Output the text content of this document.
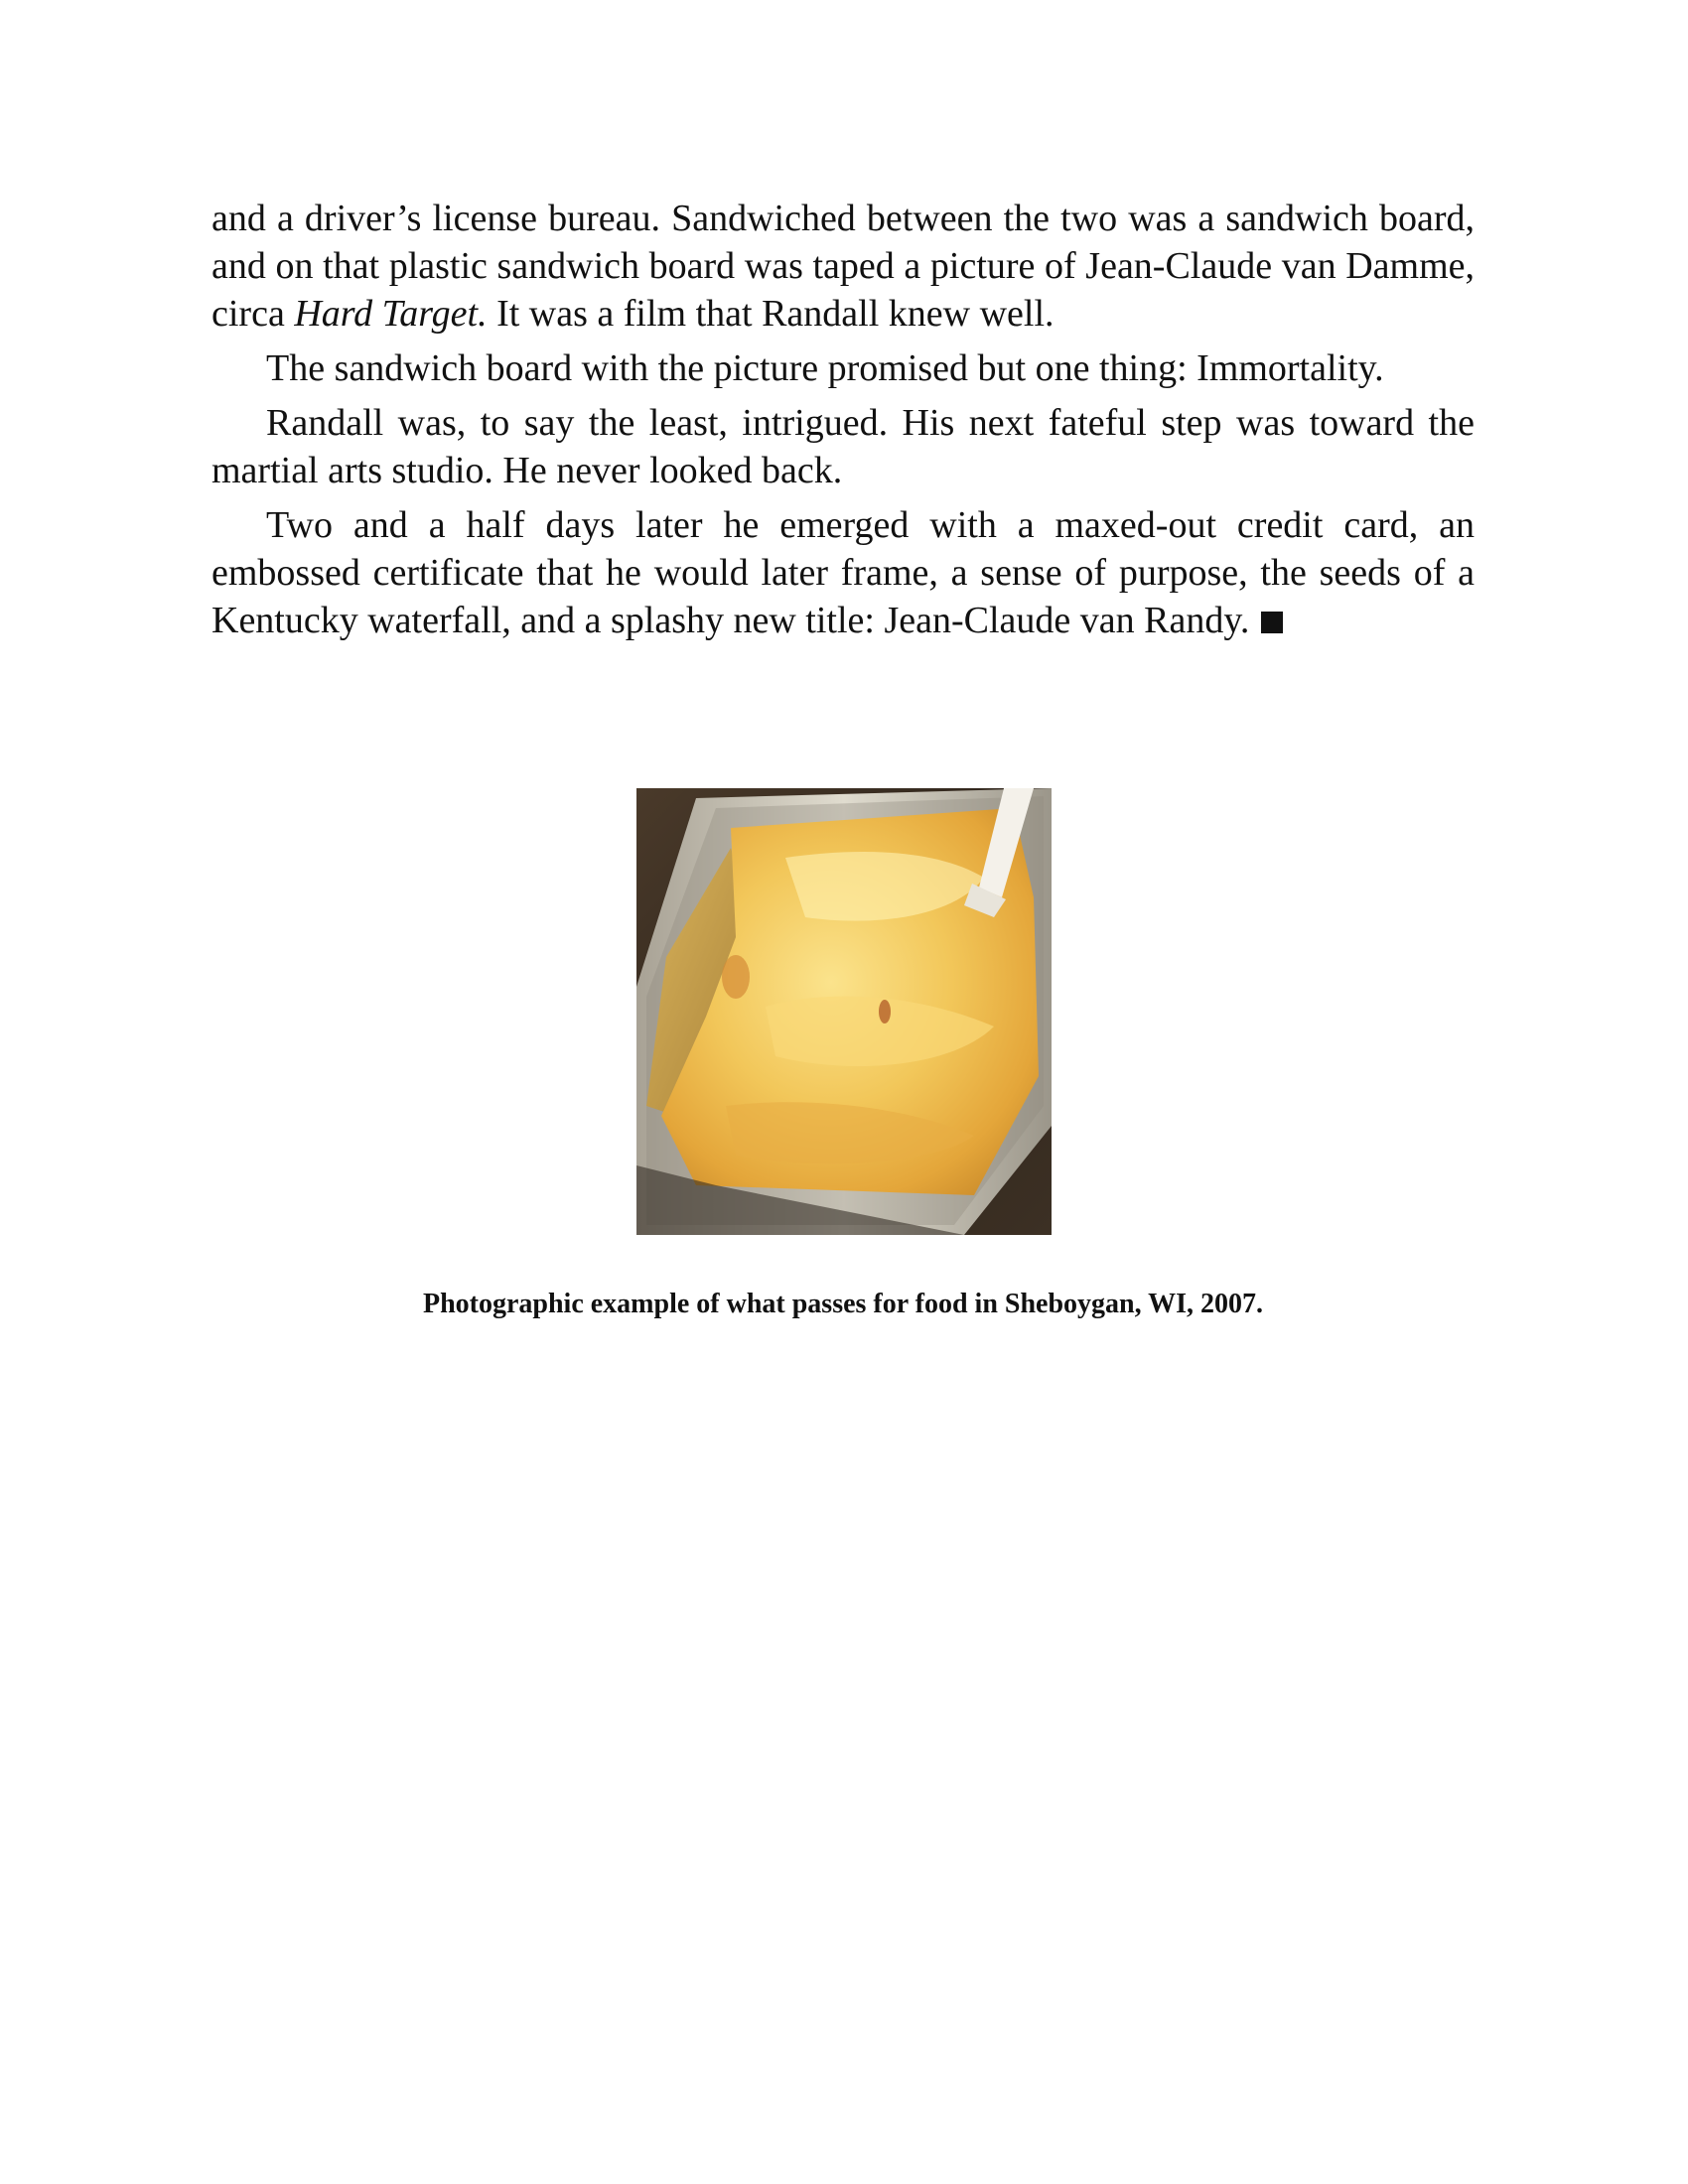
and a driver’s license bureau. Sandwiched between the two was a sandwich board, and on that plastic sandwich board was taped a picture of Jean-Claude van Damme, circa Hard Target. It was a film that Randall knew well.

The sandwich board with the picture promised but one thing: Immortality.

Randall was, to say the least, intrigued. His next fateful step was toward the martial arts studio. He never looked back.

Two and a half days later he emerged with a maxed-out credit card, an embossed certificate that he would later frame, a sense of purpose, the seeds of a Kentucky waterfall, and a splashy new title: Jean-Claude van Randy.

Photographic example of what passes for food in Sheboygan, WI, 2007.
